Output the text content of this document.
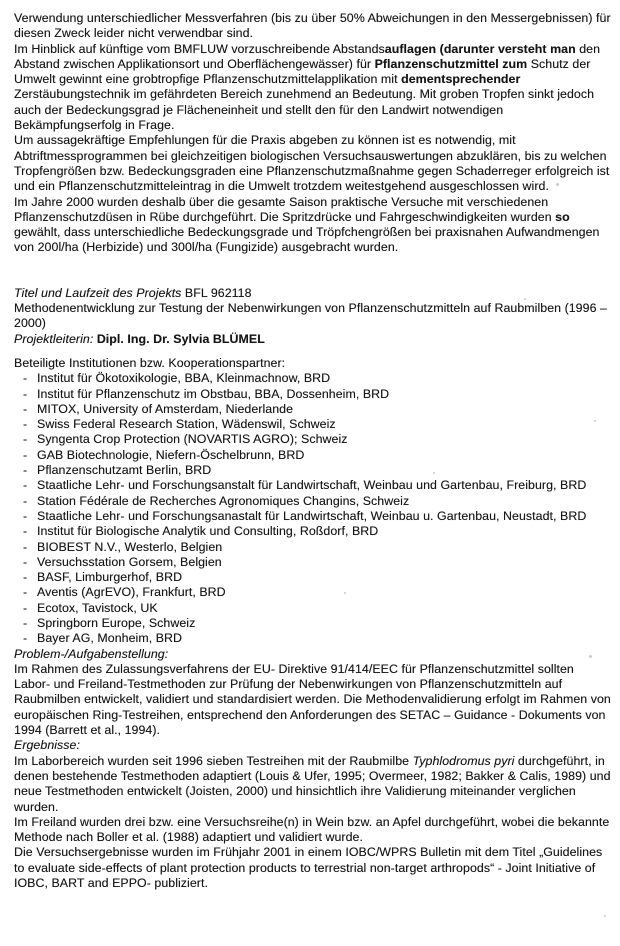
Verwendung unterschiedlicher Messverfahren (bis zu über 50% Abweichungen in den Messergebnissen) für diesen Zweck leider nicht verwendbar sind.

Im Hinblick auf künftige vom BMFLUW vorzuschreibende Abstandsauflagen (darunter versteht man den Abstand zwischen Applikationsort und Oberflächengewässer) für Pflanzenschutzmittel zum Schutz der Umwelt gewinnt eine grobtropfige Pflanzenschutzmittelapplikation mit dementsprechender Zerstäubungstechnik im gefährdeten Bereich zunehmend an Bedeutung. Mit groben Tropfen sinkt jedoch auch der Bedeckungsgrad je Flächeneinheit und stellt den für den Landwirt notwendigen Bekämpfungserfolg in Frage.

Um aussagekräftige Empfehlungen für die Praxis abgeben zu können ist es notwendig, mit Abtriftmessprogrammen bei gleichzeitigen biologischen Versuchsauswertungen abzuklären, bis zu welchen Tropfengrößen bzw. Bedeckungsgraden eine Pflanzenschutzmaßnahme gegen Schaderreger erfolgreich ist und ein Pflanzenschutzmitteleintrag in die Umwelt trotzdem weitestgehend ausgeschlossen wird.

Im Jahre 2000 wurden deshalb über die gesamte Saison praktische Versuche mit verschiedenen Pflanzenschutzdüsen in Rübe durchgeführt. Die Spritzdrücke und Fahrgeschwindigkeiten wurden so gewählt, dass unterschiedliche Bedeckungsgrade und Tröpfchengrößen bei praxisnahen Aufwandmengen von 200l/ha (Herbizide) und 300l/ha (Fungizide) ausgebracht wurden.

Titel und Laufzeit des Projekts BFL 962118

Methodenentwicklung zur Testung der Nebenwirkungen von Pflanzenschutzmitteln auf Raubmilben (1996 – 2000)

Projektleiterin: Dipl. Ing. Dr. Sylvia BLÜMEL

Beteiligte Institutionen bzw. Kooperationspartner:

- Institut für Ökotoxikologie, BBA, Kleinmachnow, BRD
- Institut für Pflanzenschutz im Obstbau, BBA, Dossenheim, BRD
- MITOX, University of Amsterdam, Niederlande
- Swiss Federal Research Station, Wädenswil, Schweiz
- Syngenta Crop Protection (NOVARTIS AGRO); Schweiz
- GAB Biotechnologie, Niefern-Öschelbrunn, BRD
- Pflanzenschutzamt Berlin, BRD
- Staatliche Lehr- und Forschungsanstalt für Landwirtschaft, Weinbau und Gartenbau, Freiburg, BRD
- Station Fédérale de Recherches Agronomiques Changins, Schweiz
- Staatliche Lehr- und Forschungsanastalt für Landwirtschaft, Weinbau u. Gartenbau, Neustadt, BRD
- Institut für Biologische Analytik und Consulting, Roßdorf, BRD
- BIOBEST N.V., Westerlo, Belgien
- Versuchsstation Gorsem, Belgien
- BASF, Limburgerhof, BRD
- Aventis (AgrEVO), Frankfurt, BRD
- Ecotox, Tavistock, UK
- Springborn Europe, Schweiz
- Bayer AG, Monheim, BRD

Problem-/Aufgabenstellung:

Im Rahmen des Zulassungsverfahrens der EU- Direktive 91/414/EEC für Pflanzenschutzmittel sollten Labor- und Freiland-Testmethoden zur Prüfung der Nebenwirkungen von Pflanzenschutzmitteln auf Raubmilben entwickelt, validiert und standardisiert werden. Die Methodenvalidierung erfolgt im Rahmen von europäischen Ring-Testreihen, entsprechend den Anforderungen des SETAC – Guidance - Dokuments von 1994 (Barrett et al., 1994).

Ergebnisse:

Im Laborbereich wurden seit 1996 sieben Testreihen mit der Raubmilbe Typhlodromus pyri durchgeführt, in denen bestehende Testmethoden adaptiert (Louis & Ufer, 1995; Overmeer, 1982; Bakker & Calis, 1989) und neue Testmethoden entwickelt (Joisten, 2000) und hinsichtlich ihre Validierung miteinander verglichen wurden.

Im Freiland wurden drei bzw. eine Versuchsreihe(n) in Wein bzw. an Apfel durchgeführt, wobei die bekannte Methode nach Boller et al. (1988) adaptiert und validiert wurde.

Die Versuchsergebnisse wurden im Frühjahr 2001 in einem IOBC/WPRS Bulletin mit dem Titel „Guidelines to evaluate side-effects of plant protection products to terrestrial non-target arthropods“ - Joint Initiative of IOBC, BART and EPPO- publiziert.
